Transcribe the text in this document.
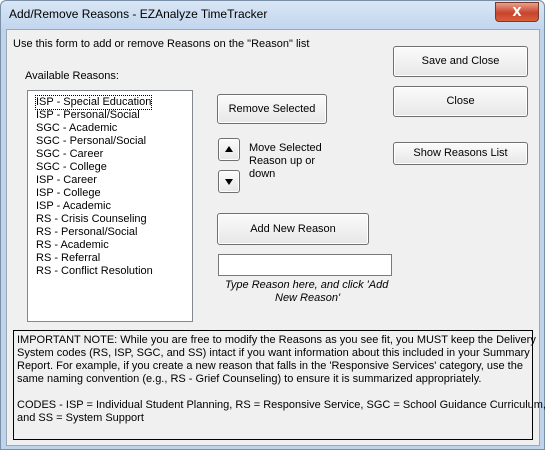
Add/Remove Reasons - EZAnalyze TimeTracker	X
Use this form to add or remove Reasons on the "Reason" list
Available Reasons:
ISP - Special Education
ISP - Personal/Social
SGC - Academic
SGC - Personal/Social
SGC - Career
SGC - College
ISP - Career
ISP - College
ISP - Academic
RS - Crisis Counseling
RS - Personal/Social
RS - Academic
RS - Referral
RS - Conflict Resolution
Remove Selected
Move Selected
Reason up or
down
Add New Reason
Type Reason here, and click 'Add
New Reason'
Save and Close
Close
Show Reasons List
IMPORTANT NOTE: While you are free to modify the Reasons as you see fit, you MUST keep the Delivery
System codes (RS, ISP, SGC, and SS) intact if you want information about this included in your Summary
Report. For example, if you create a new reason that falls in the 'Responsive Services' category, use the
same naming convention (e.g., RS - Grief Counseling) to ensure it is summarized appropriately.
CODES - ISP = Individual Student Planning, RS = Responsive Service, SGC = School Guidance Curriculum,
and SS = System Support
